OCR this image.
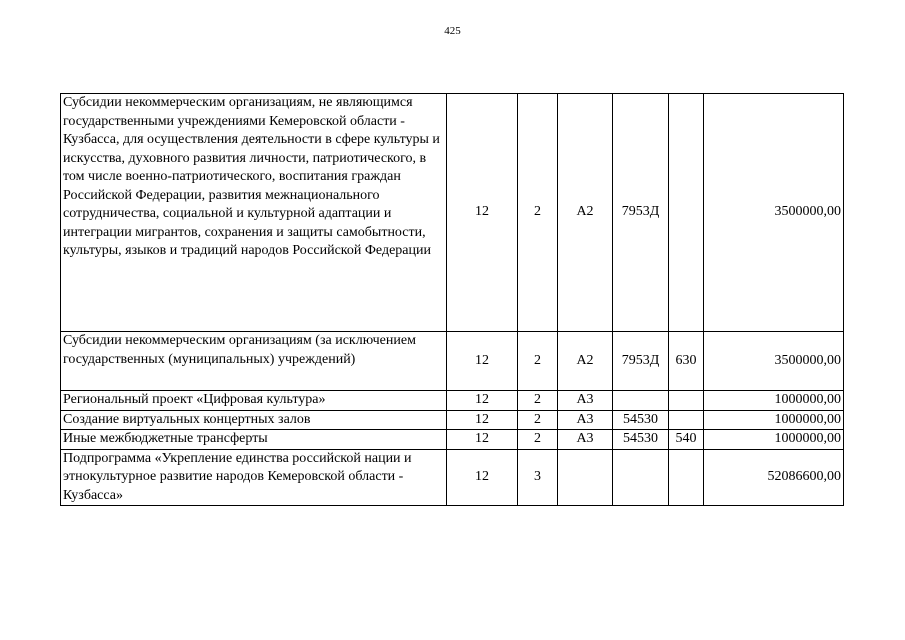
425
Субсидии некоммерческим организациям, не являющимся государственными учреждениями Кемеровской области - Кузбасса, для осуществления деятельности в сфере культуры и искусства, духовного развития личности, патриотического, в том числе военно-патриотического, воспитания граждан Российской Федерации, развития межнационального сотрудничества, социальной и культурной адаптации и интеграции мигрантов, сохранения и защиты самобытности, культуры, языков и традиций народов Российской Федерации	12	2	А2	7953Д		3500000,00
Субсидии некоммерческим организациям (за исключением государственных (муниципальных) учреждений)	12	2	А2	7953Д	630	3500000,00
Региональный проект «Цифровая культура»	12	2	А3			1000000,00
Создание виртуальных концертных залов	12	2	А3	54530		1000000,00
Иные межбюджетные трансферты	12	2	А3	54530	540	1000000,00
Подпрограмма «Укрепление единства российской нации и этнокультурное развитие народов Кемеровской области - Кузбасса»	12	3				52086600,00
